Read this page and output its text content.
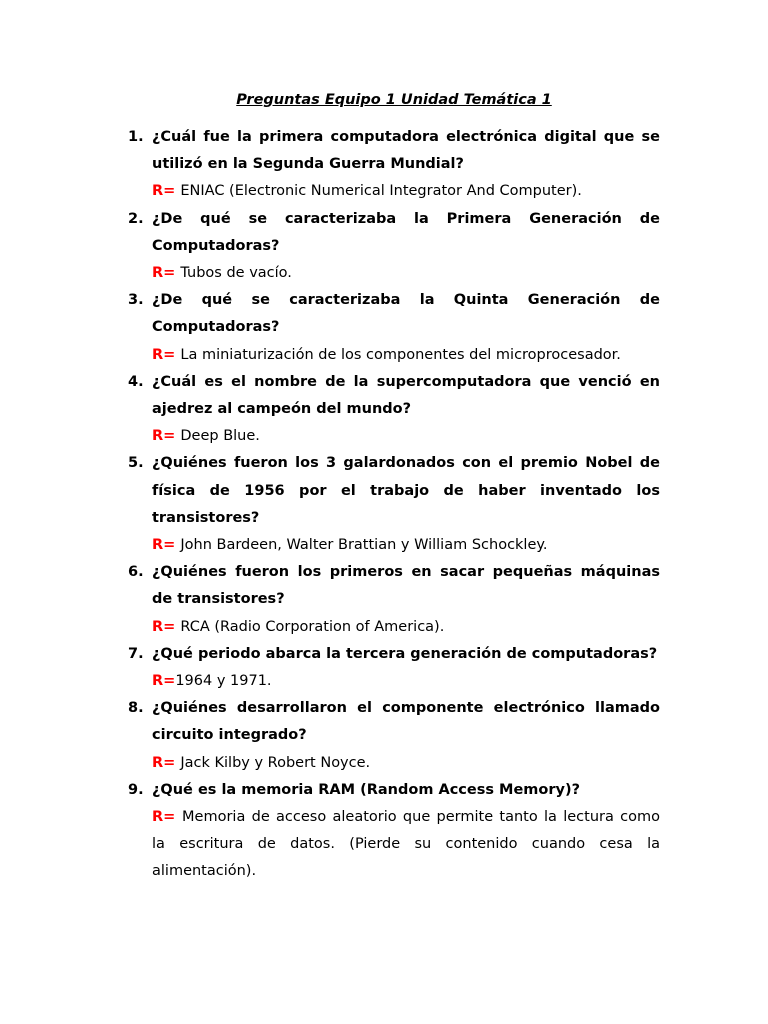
Preguntas Equipo 1 Unidad Temática 1
1. ¿Cuál fue la primera computadora electrónica digital que se utilizó en la Segunda Guerra Mundial?

R= ENIAC (Electronic Numerical Integrator And Computer).

2. ¿De qué se caracterizaba la Primera Generación de Computadoras?

R= Tubos de vacío.

3. ¿De qué se caracterizaba la Quinta Generación de Computadoras?

R= La miniaturización de los componentes del microprocesador.

4. ¿Cuál es el nombre de la supercomputadora que venció en ajedrez al campeón del mundo?

R= Deep Blue.

5. ¿Quiénes fueron los 3 galardonados con el premio Nobel de física de 1956 por el trabajo de haber inventado los transistores?

R= John Bardeen, Walter Brattian y William Schockley.

6. ¿Quiénes fueron los primeros en sacar pequeñas máquinas de transistores?

R= RCA (Radio Corporation of America).

7. ¿Qué periodo abarca la tercera generación de computadoras?

R=1964 y 1971.

8. ¿Quiénes desarrollaron el componente electrónico llamado circuito integrado?

R= Jack Kilby y Robert Noyce.

9. ¿Qué es la memoria RAM (Random Access Memory)?

R= Memoria de acceso aleatorio que permite tanto la lectura como la escritura de datos. (Pierde su contenido cuando cesa la alimentación).
